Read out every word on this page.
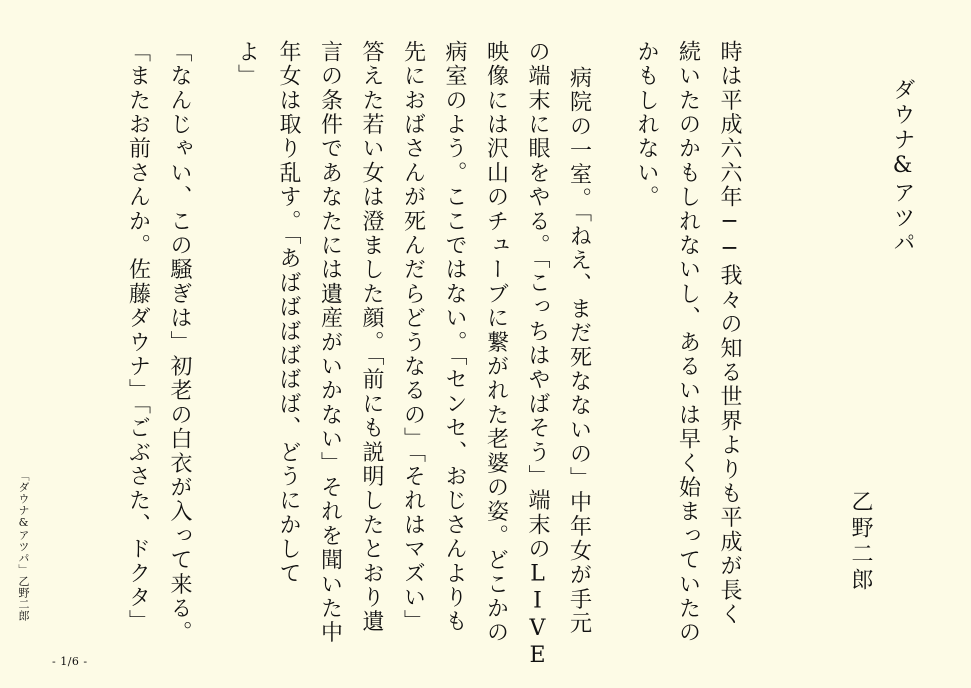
ダウナ&アツパ
乙野二郎

時は平成六六年──我々の知る世界よりも平成が長く

続いたのかもしれないし、あるいは早く始まっていたの

かもしれない。

病院の一室。「ねえ、まだ死なないの」中年女が手元

の端末に眼をやる。「こっちはやばそう」端末のLIVE

映像には沢山のチューブに繋がれた老婆の姿。どこかの

病室のよう。ここではない。「センセ、おじさんよりも

先におばさんが死んだらどうなるの」「それはマズい」

答えた若い女は澄ました顔。「前にも説明したとおり遺

言の条件であなたには遺産がいかない」それを聞いた中

年女は取り乱す。「あばばばばばば、どうにかして

よ」

「なんじゃい、この騒ぎは」初老の白衣が入って来る。

「またお前さんか。佐藤ダウナ」「ごぶさた、ドクタ」

「ダウナ&アツパ」乙野二郎
- 1/6 -
